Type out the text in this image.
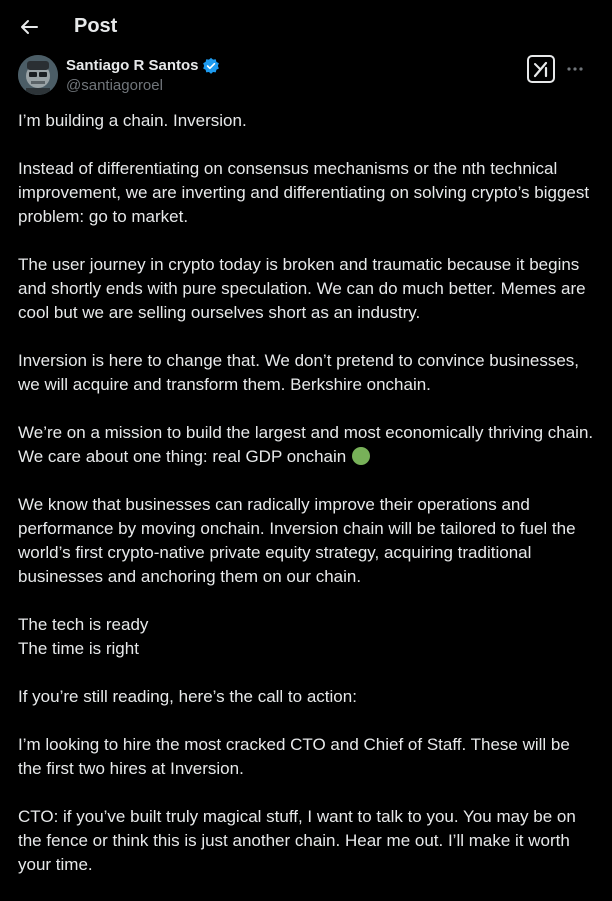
Post
Santiago R Santos
@santiagoroel

I’m building a chain. Inversion.

Instead of differentiating on consensus mechanisms or the nth technical improvement, we are inverting and differentiating on solving crypto’s biggest problem: go to market.

The user journey in crypto today is broken and traumatic because it begins and shortly ends with pure speculation. We can do much better. Memes are cool but we are selling ourselves short as an industry.

Inversion is here to change that. We don’t pretend to convince businesses, we will acquire and transform them. Berkshire onchain.

We’re on a mission to build the largest and most economically thriving chain. We care about one thing: real GDP onchain

We know that businesses can radically improve their operations and performance by moving onchain. Inversion chain will be tailored to fuel the world’s first crypto-native private equity strategy, acquiring traditional businesses and anchoring them on our chain.

The tech is ready

The time is right

If you’re still reading, here’s the call to action:

I’m looking to hire the most cracked CTO and Chief of Staff. These will be the first two hires at Inversion.

CTO: if you’ve built truly magical stuff, I want to talk to you. You may be on the fence or think this is just another chain. Hear me out. I’ll make it worth your time.
